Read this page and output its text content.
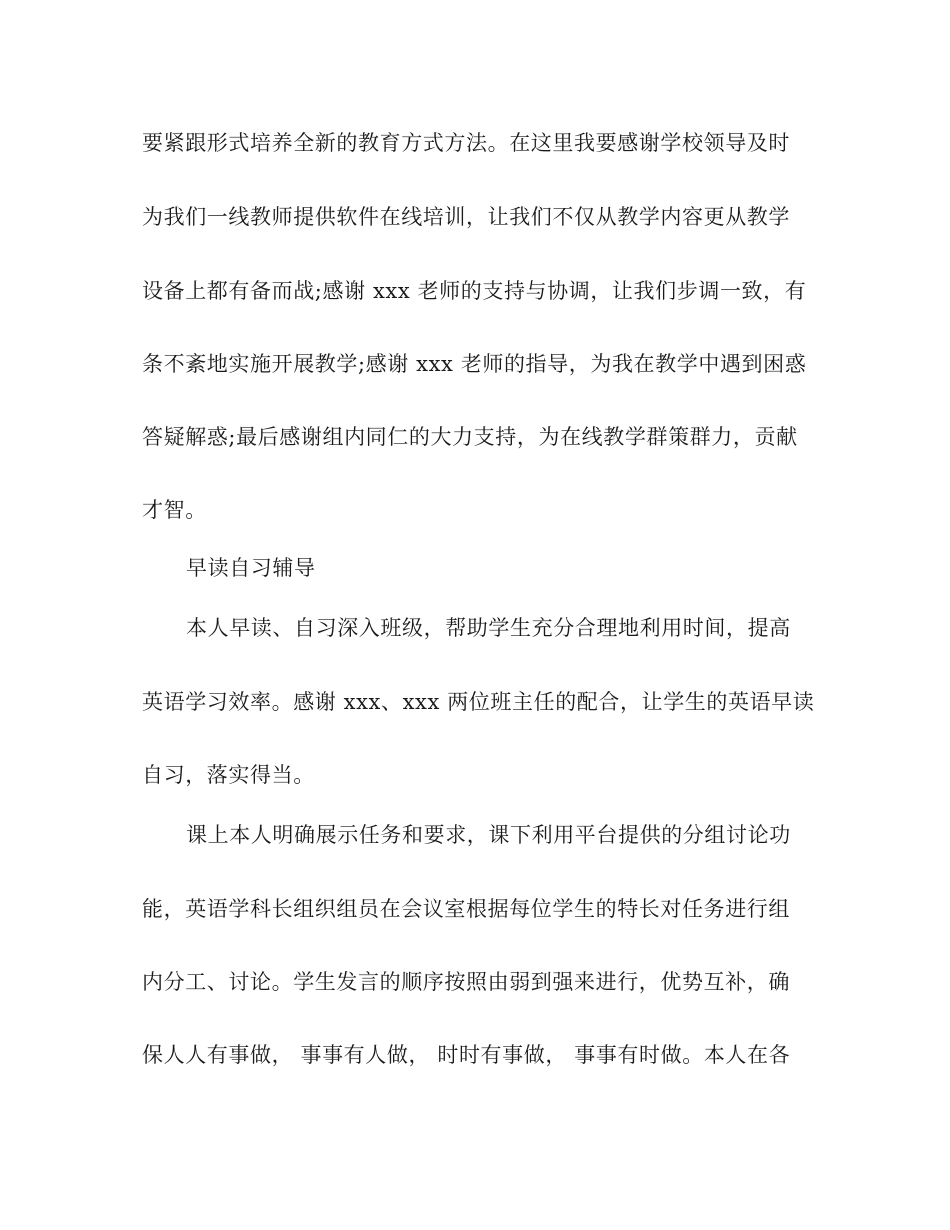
要紧跟形式培养全新的教育方式方法。在这里我要感谢学校领导及时
为我们一线教师提供软件在线培训，让我们不仅从教学内容更从教学
设备上都有备而战;感谢 xxx 老师的支持与协调，让我们步调一致，有
条不紊地实施开展教学;感谢 xxx 老师的指导，为我在教学中遇到困惑
答疑解惑;最后感谢组内同仁的大力支持，为在线教学群策群力，贡献
才智。
早读自习辅导
本人早读、自习深入班级，帮助学生充分合理地利用时间，提高
英语学习效率。感谢 xxx、xxx 两位班主任的配合，让学生的英语早读
自习，落实得当。
课上本人明确展示任务和要求，课下利用平台提供的分组讨论功
能，英语学科长组织组员在会议室根据每位学生的特长对任务进行组
内分工、讨论。学生发言的顺序按照由弱到强来进行，优势互补，确
保人人有事做， 事事有人做， 时时有事做， 事事有时做。本人在各
